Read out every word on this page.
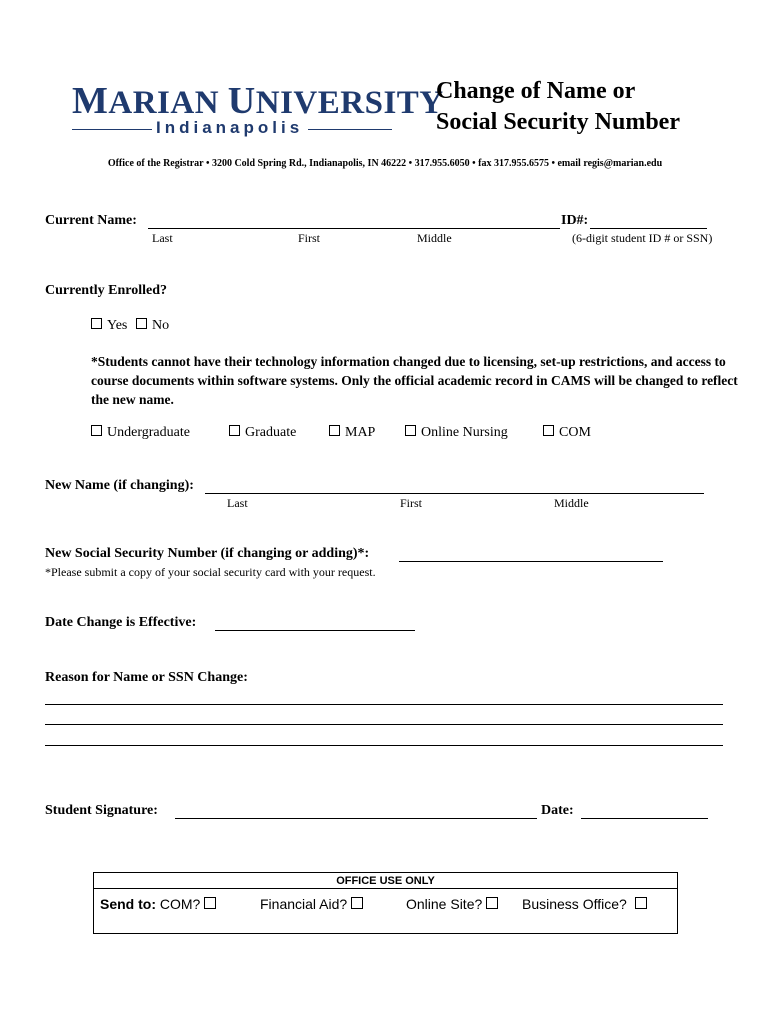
MARIAN UNIVERSITY
Indianapolis
Change of Name or
Social Security Number
Office of the Registrar • 3200 Cold Spring Rd., Indianapolis, IN 46222 • 317.955.6050 • fax 317.955.6575 • email regis@marian.edu
Current Name:	ID#:
Last	First	Middle	(6-digit student ID # or SSN)
Currently Enrolled?
Yes	No
*Students cannot have their technology information changed due to licensing, set-up restrictions, and access to course documents within software systems. Only the official academic record in CAMS will be changed to reflect the new name.
Undergraduate	Graduate	MAP	Online Nursing	COM
New Name (if changing):
Last	First	Middle
New Social Security Number (if changing or adding)*:
*Please submit a copy of your social security card with your request.
Date Change is Effective:
Reason for Name or SSN Change:
Student Signature:	Date:
OFFICE USE ONLY
Send to: COM?	Financial Aid?	Online Site?	Business Office?
